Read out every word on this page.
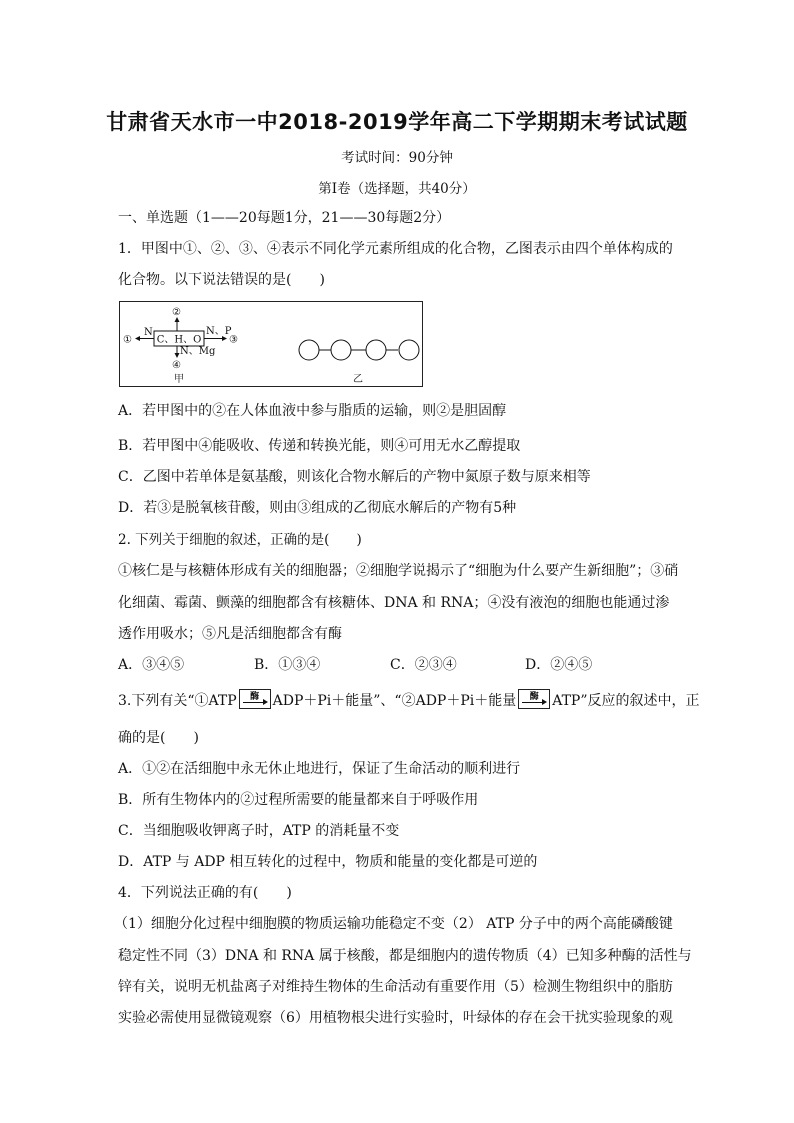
甘肃省天水市一中2018-2019学年高二下学期期末考试试题
考试时间：90分钟
第Ⅰ卷（选择题，共40分）
一、单选题（1——20每题1分，21——30每题2分）
1．甲图中①、②、③、④表示不同化学元素所组成的化合物，乙图表示由四个单体构成的
化合物。以下说法错误的是(　　)
C、H、O
①
N
②
③
N、P
N、Mg
④
甲	乙
A．若甲图中的②在人体血液中参与脂质的运输，则②是胆固醇
B．若甲图中④能吸收、传递和转换光能，则④可用无水乙醇提取
C．乙图中若单体是氨基酸，则该化合物水解后的产物中氮原子数与原来相等
D．若③是脱氧核苷酸，则由③组成的乙彻底水解后的产物有5种
2. 下列关于细胞的叙述，正确的是(　　)
①核仁是与核糖体形成有关的细胞器；②细胞学说揭示了“细胞为什么要产生新细胞”；③硝
化细菌、霉菌、颤藻的细胞都含有核糖体、DNA 和 RNA；④没有液泡的细胞也能通过渗
透作用吸水；⑤凡是活细胞都含有酶
A．③④⑤	B．①③④	C．②③④	D．②④⑤
3.下列有关“①ATP	酶 ADP＋Pi＋能量”、“②ADP＋Pi＋能量	酶 ATP”反应的叙述中，正
确的是(　　)
A．①②在活细胞中永无休止地进行，保证了生命活动的顺利进行
B．所有生物体内的②过程所需要的能量都来自于呼吸作用
C．当细胞吸收钾离子时，ATP 的消耗量不变
D．ATP 与 ADP 相互转化的过程中，物质和能量的变化都是可逆的
4．下列说法正确的有(　　)
（1）细胞分化过程中细胞膜的物质运输功能稳定不变（2） ATP 分子中的两个高能磷酸键
稳定性不同（3）DNA 和 RNA 属于核酸，都是细胞内的遗传物质（4）已知多种酶的活性与
锌有关，说明无机盐离子对维持生物体的生命活动有重要作用（5）检测生物组织中的脂肪
实验必需使用显微镜观察（6）用植物根尖进行实验时，叶绿体的存在会干扰实验现象的观
